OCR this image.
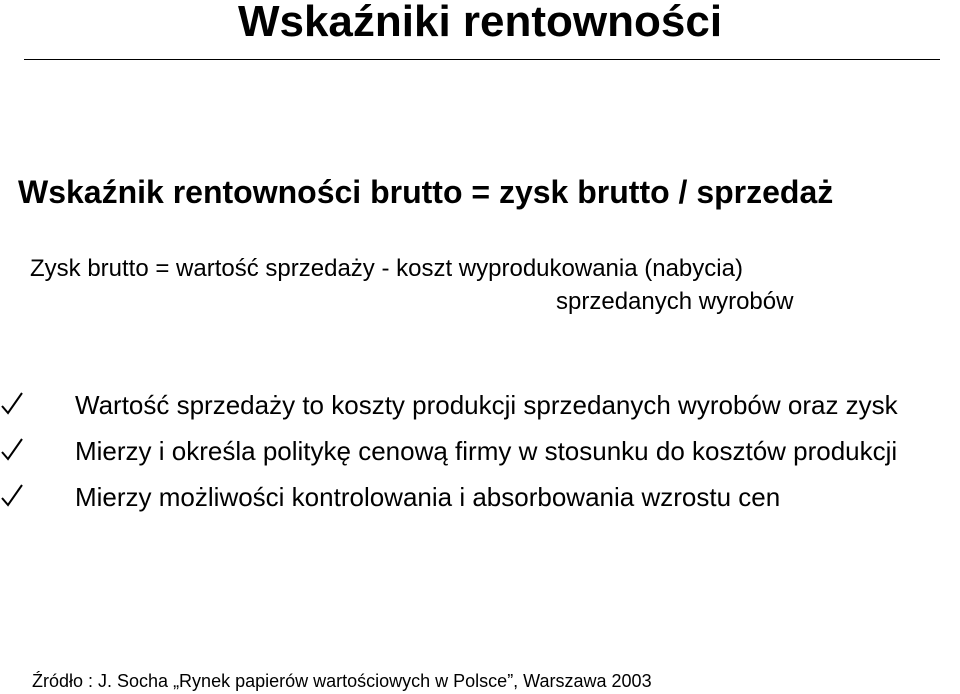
Wskaźniki rentowności
Wskaźnik rentowności brutto = zysk brutto / sprzedaż
Zysk brutto = wartość sprzedaży - koszt wyprodukowania (nabycia)
sprzedanych wyrobów
Wartość sprzedaży to koszty produkcji sprzedanych wyrobów oraz zysk
Mierzy i określa politykę cenową firmy w stosunku do kosztów produkcji
Mierzy możliwości kontrolowania i absorbowania wzrostu cen
Źródło : J. Socha „Rynek papierów wartościowych w Polsce”, Warszawa 2003
